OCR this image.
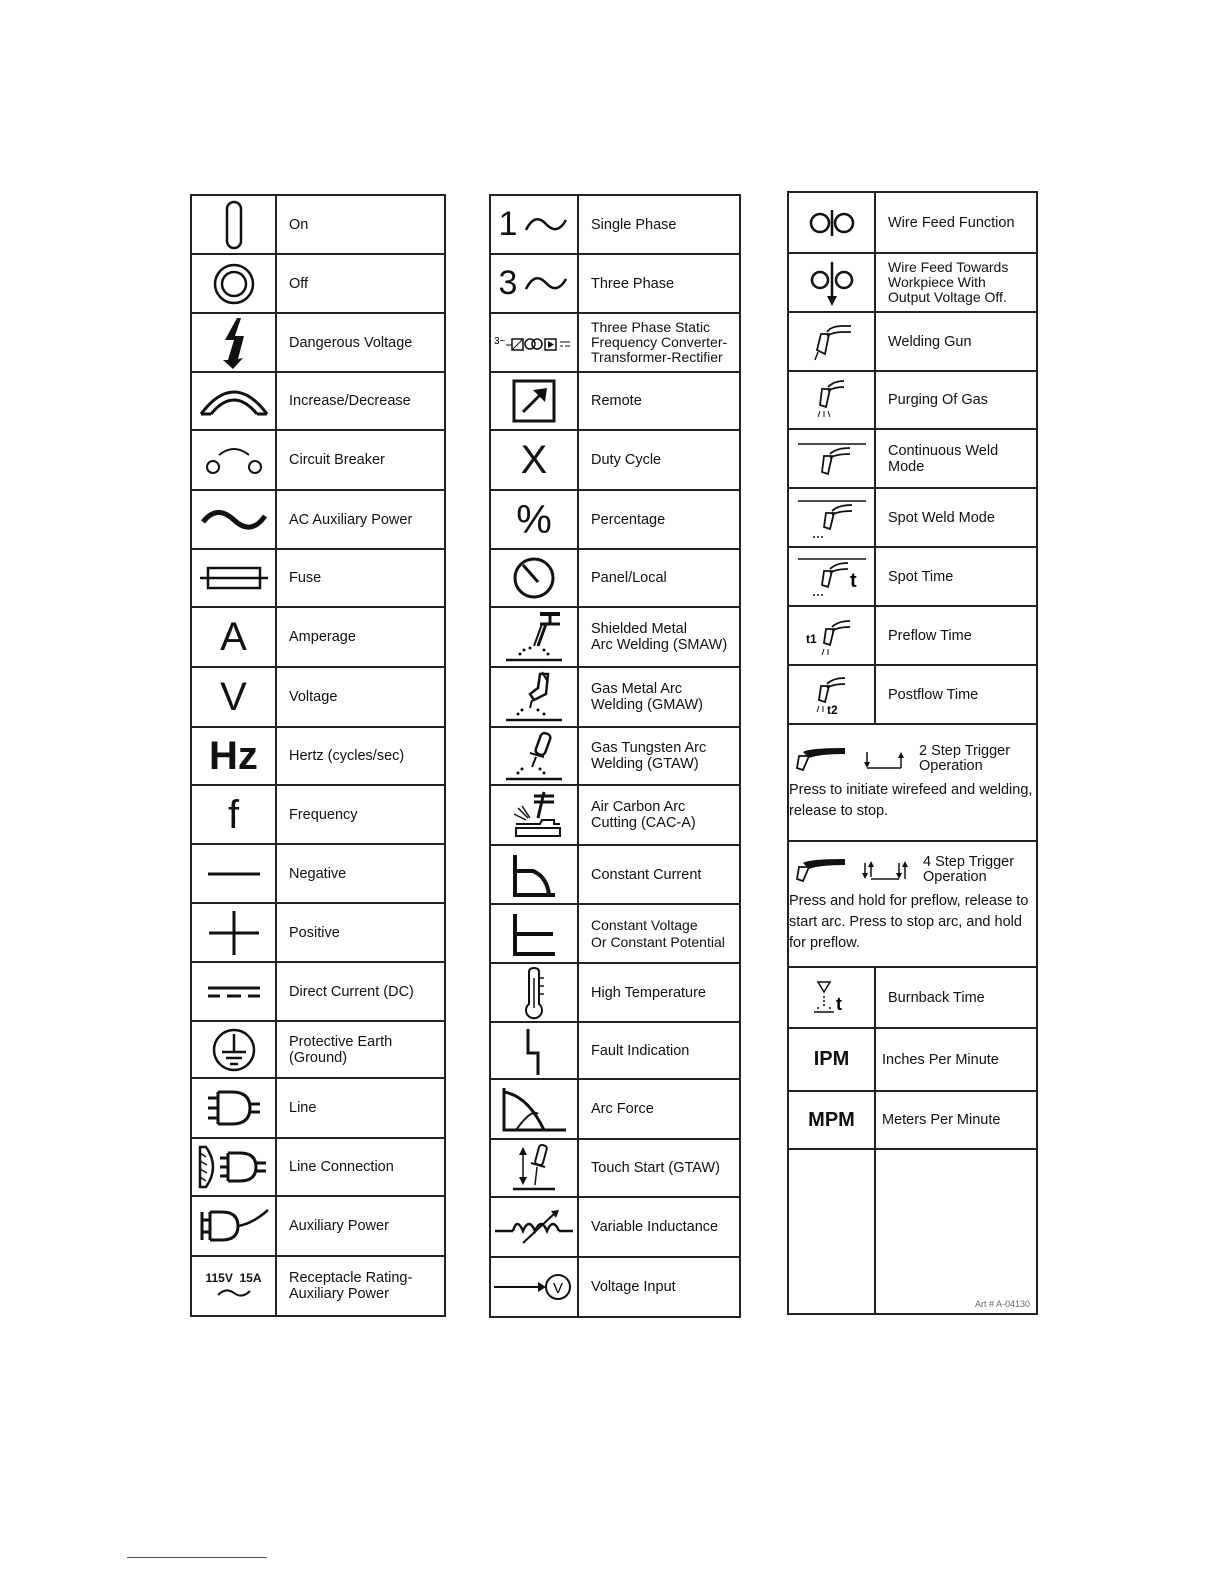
	On

	Off

	Dangerous Voltage

	Increase/Decrease

	Circuit Breaker

	AC Auxiliary Power

	Fuse
A	Amperage
V	Voltage
Hz	Hertz (cycles/sec)
f	Frequency

	Negative

	Positive

	Direct Current (DC)

	Protective Earth
(Ground)

	Line

	Line Connection

	Auxiliary Power

115V  15A	Receptacle Rating-
Auxiliary Power
1	Single Phase
3	Three Phase

3~	Three Phase Static
Frequency Converter-
Transformer-Rectifier

	Remote
X	Duty Cycle
%	Percentage

	Panel/Local

	Shielded Metal
Arc Welding (SMAW)

	Gas Metal Arc
Welding (GMAW)

	Gas Tungsten Arc
Welding (GTAW)

	Air Carbon Arc
Cutting (CAC-A)

	Constant Current

	Constant Voltage
Or Constant Potential

	High Temperature

	Fault Indication

	Arc Force

	Touch Start (GTAW)

	Variable Inductance

V	Voltage Input
	Wire Feed Function

	Wire Feed Towards
Workpiece With
Output Voltage Off.

	Welding Gun

	Purging Of Gas

	Continuous Weld
Mode

	Spot Weld Mode

t	Spot Time

t1	Preflow Time

t2	Postflow Time

2 Step Trigger
Operation
Press to initiate wirefeed and welding, release to stop.	

4 Step Trigger
Operation
Press and hold for preflow, release to start arc. Press to stop arc, and hold for preflow.	

t	Burnback Time
IPM	Inches Per Minute
MPM	Meters Per Minute

	Art # A-04130
